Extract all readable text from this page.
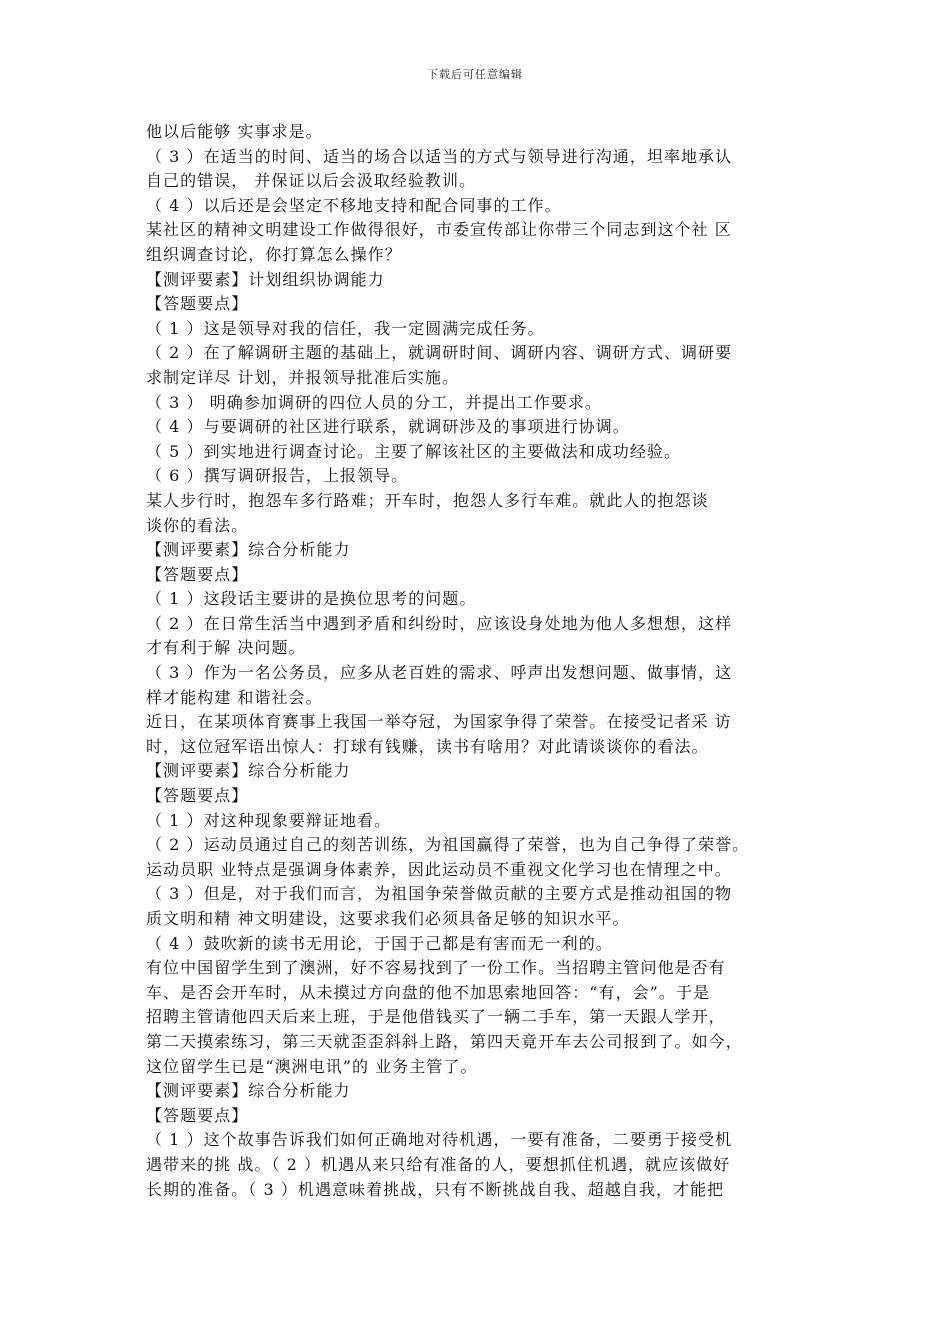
下载后可任意编辑
他以后能够 实事求是。
（ 3 ）在适当的时间、适当的场合以适当的方式与领导进行沟通，坦率地承认
自己的错误， 并保证以后会汲取经验教训。
（ 4 ）以后还是会坚定不移地支持和配合同事的工作。
某社区的精神文明建设工作做得很好，市委宣传部让你带三个同志到这个社 区
组织调查讨论，你打算怎么操作？
【测评要素】计划组织协调能力
【答题要点】
（ 1 ）这是领导对我的信任，我一定圆满完成任务。
（ 2 ）在了解调研主题的基础上，就调研时间、调研内容、调研方式、调研要
求制定详尽 计划，并报领导批准后实施。
（ 3 ） 明确参加调研的四位人员的分工，并提出工作要求。
（ 4 ）与要调研的社区进行联系，就调研涉及的事项进行协调。
（ 5 ）到实地进行调查讨论。主要了解该社区的主要做法和成功经验。
（ 6 ）撰写调研报告，上报领导。
某人步行时，抱怨车多行路难；开车时，抱怨人多行车难。就此人的抱怨谈
谈你的看法。
【测评要素】综合分析能力
【答题要点】
（ 1 ）这段话主要讲的是换位思考的问题。
（ 2 ）在日常生活当中遇到矛盾和纠纷时，应该设身处地为他人多想想，这样
才有利于解 决问题。
（ 3 ）作为一名公务员，应多从老百姓的需求、呼声出发想问题、做事情，这
样才能构建 和谐社会。
近日，在某项体育赛事上我国一举夺冠，为国家争得了荣誉。在接受记者采 访
时，这位冠军语出惊人：打球有钱赚，读书有啥用？对此请谈谈你的看法。
【测评要素】综合分析能力
【答题要点】
（ 1 ）对这种现象要辩证地看。
（ 2 ）运动员通过自己的刻苦训练，为祖国赢得了荣誉，也为自己争得了荣誉。
运动员职 业特点是强调身体素养，因此运动员不重视文化学习也在情理之中。
（ 3 ）但是，对于我们而言，为祖国争荣誉做贡献的主要方式是推动祖国的物
质文明和精 神文明建设，这要求我们必须具备足够的知识水平。
（ 4 ）鼓吹新的读书无用论，于国于己都是有害而无一利的。
有位中国留学生到了澳洲，好不容易找到了一份工作。当招聘主管问他是否有
车、是否会开车时，从未摸过方向盘的他不加思索地回答：“有，会”。于是
招聘主管请他四天后来上班，于是他借钱买了一辆二手车，第一天跟人学开，
第二天摸索练习，第三天就歪歪斜斜上路，第四天竟开车去公司报到了。如今，
这位留学生已是“澳洲电讯”的 业务主管了。
【测评要素】综合分析能力
【答题要点】
（ 1 ）这个故事告诉我们如何正确地对待机遇，一要有准备，二要勇于接受机
遇带来的挑 战。（ 2 ）机遇从来只给有准备的人，要想抓住机遇，就应该做好
长期的准备。（ 3 ）机遇意味着挑战，只有不断挑战自我、超越自我，才能把
